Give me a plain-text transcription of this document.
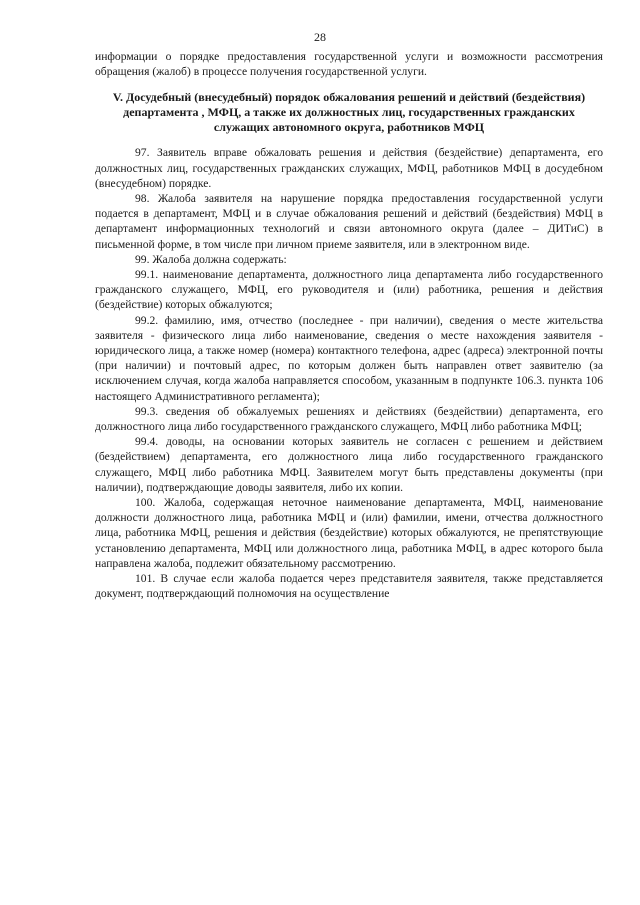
28

информации о порядке предоставления государственной услуги и возможности рассмотрения обращения (жалоб) в процессе получения государственной услуги.

V. Досудебный (внесудебный) порядок обжалования решений и действий (бездействия) департамента , МФЦ, а также их должностных лиц, государственных гражданских служащих автономного округа, работников МФЦ

97. Заявитель вправе обжаловать решения и действия (бездействие) департамента, его должностных лиц, государственных гражданских служащих, МФЦ, работников МФЦ в досудебном (внесудебном) порядке.

98. Жалоба заявителя на нарушение порядка предоставления государственной услуги подается в департамент, МФЦ и в случае обжалования решений и действий (бездействия) МФЦ в департамент информационных технологий и связи автономного округа (далее – ДИТиС) в письменной форме, в том числе при личном приеме заявителя, или в электронном виде.

99. Жалоба должна содержать:

99.1. наименование департамента, должностного лица департамента либо государственного гражданского служащего, МФЦ, его руководителя и (или) работника, решения и действия (бездействие) которых обжалуются;

99.2. фамилию, имя, отчество (последнее - при наличии), сведения о месте жительства заявителя - физического лица либо наименование, сведения о месте нахождения заявителя - юридического лица, а также номер (номера) контактного телефона, адрес (адреса) электронной почты (при наличии) и почтовый адрес, по которым должен быть направлен ответ заявителю (за исключением случая, когда жалоба направляется способом, указанным в подпункте 106.3. пункта 106 настоящего Административного регламента);

99.3. сведения об обжалуемых решениях и действиях (бездействии) департамента, его должностного лица либо государственного гражданского служащего, МФЦ либо работника МФЦ;

99.4. доводы, на основании которых заявитель не согласен с решением и действием (бездействием) департамента, его должностного лица либо государственного гражданского служащего, МФЦ либо работника МФЦ. Заявителем могут быть представлены документы (при наличии), подтверждающие доводы заявителя, либо их копии.

100. Жалоба, содержащая неточное наименование департамента, МФЦ, наименование должности должностного лица, работника МФЦ и (или) фамилии, имени, отчества должностного лица, работника МФЦ, решения и действия (бездействие) которых обжалуются, не препятствующие установлению департамента, МФЦ или должностного лица, работника МФЦ, в адрес которого была направлена жалоба, подлежит обязательному рассмотрению.

101. В случае если жалоба подается через представителя заявителя, также представляется документ, подтверждающий полномочия на осуществление
